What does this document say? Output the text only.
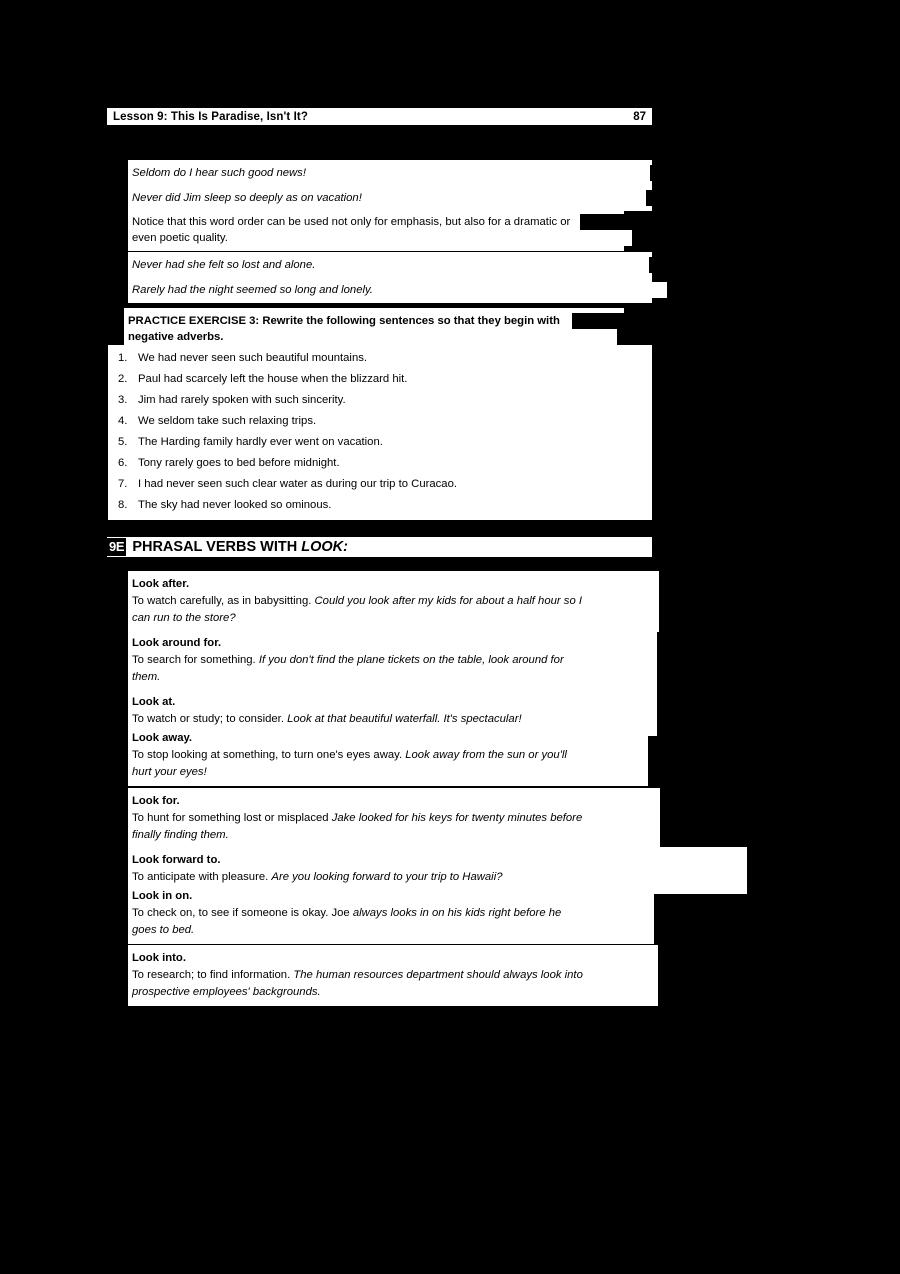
Lesson 9: This Is Paradise, Isn't It?	87
Seldom do I hear such good news!
Never did Jim sleep so deeply as on vacation!
Notice that this word order can be used not only for emphasis, but also for a dramatic or
even poetic quality.
Never had she felt so lost and alone.
Rarely had the night seemed so long and lonely.
PRACTICE EXERCISE 3: Rewrite the following sentences so that they begin with
negative adverbs.
1. We had never seen such beautiful mountains.
2. Paul had scarcely left the house when the blizzard hit.
3. Jim had rarely spoken with such sincerity.
4. We seldom take such relaxing trips.
5. The Harding family hardly ever went on vacation.
6. Tony rarely goes to bed before midnight.
7. I had never seen such clear water as during our trip to Curacao.
8. The sky had never looked so ominous.
9E PHRASAL VERBS WITH LOOK:
Look after.
To watch carefully, as in babysitting. Could you look after my kids for about a half hour so I
can run to the store?
Look around for.
To search for something. If you don't find the plane tickets on the table, look around for
them.
Look at.
To watch or study; to consider. Look at that beautiful waterfall. It's spectacular!
Look away.
To stop looking at something, to turn one's eyes away. Look away from the sun or you'll
hurt your eyes!
Look for.
To hunt for something lost or misplaced Jake looked for his keys for twenty minutes before
finally finding them.
Look forward to.
To anticipate with pleasure. Are you looking forward to your trip to Hawaii?
Look in on.
To check on, to see if someone is okay. Joe always looks in on his kids right before he
goes to bed.
Look into.
To research; to find information. The human resources department should always look into
prospective employees' backgrounds.
